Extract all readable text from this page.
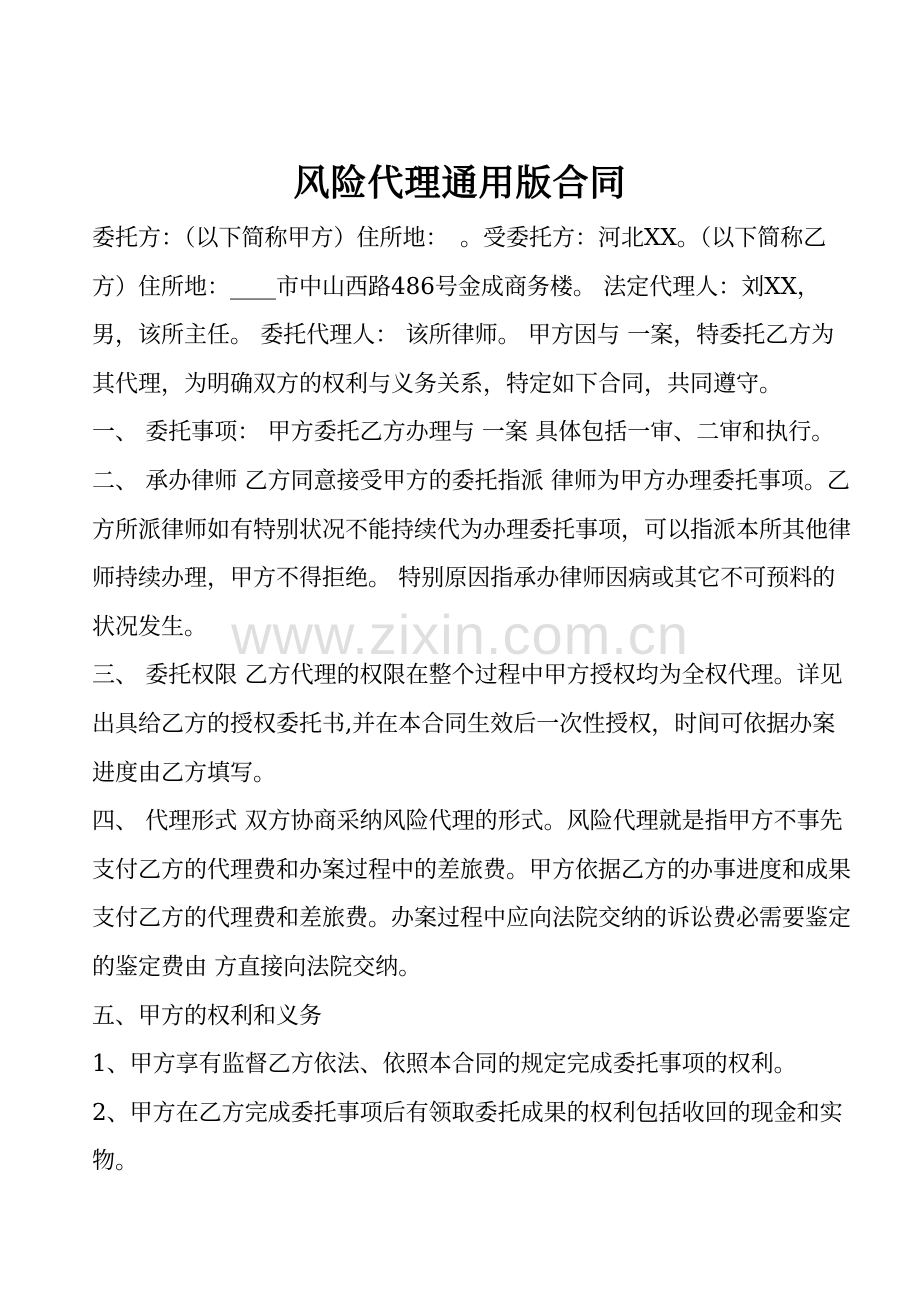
风险代理通用版合同

委托方：（以下简称甲方）住所地：　。受委托方：河北XX。（以下简称乙方）住所地：____市中山西路486号金成商务楼。 法定代理人：刘XX，男，该所主任。 委托代理人： 该所律师。 甲方因与 一案，特委托乙方为其代理，为明确双方的权利与义务关系，特定如下合同，共同遵守。

一、 委托事项： 甲方委托乙方办理与 一案 具体包括一审、二审和执行。

二、 承办律师 乙方同意接受甲方的委托指派 律师为甲方办理委托事项。乙方所派律师如有特别状况不能持续代为办理委托事项，可以指派本所其他律师持续办理，甲方不得拒绝。 特别原因指承办律师因病或其它不可预料的状况发生。

三、 委托权限 乙方代理的权限在整个过程中甲方授权均为全权代理。详见出具给乙方的授权委托书,并在本合同生效后一次性授权，时间可依据办案进度由乙方填写。

四、 代理形式 双方协商采纳风险代理的形式。风险代理就是指甲方不事先支付乙方的代理费和办案过程中的差旅费。甲方依据乙方的办事进度和成果支付乙方的代理费和差旅费。办案过程中应向法院交纳的诉讼费必需要鉴定的鉴定费由 方直接向法院交纳。

五、甲方的权利和义务

1、甲方享有监督乙方依法、依照本合同的规定完成委托事项的权利。

2、甲方在乙方完成委托事项后有领取委托成果的权利包括收回的现金和实物。

www.zixin.com.cn
